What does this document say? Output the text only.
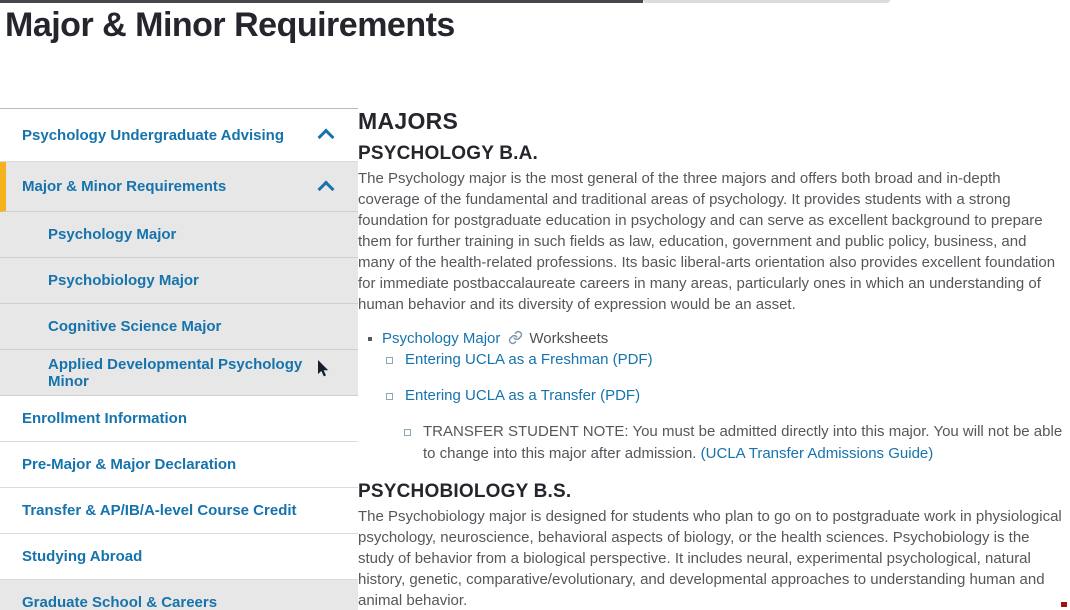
Major & Minor Requirements
Psychology Undergraduate Advising
Major & Minor Requirements
Psychology Major
Psychobiology Major
Cognitive Science Major
Applied Developmental Psychology Minor
Enrollment Information
Pre-Major & Major Declaration
Transfer & AP/IB/A-level Course Credit
Studying Abroad
Graduate School & Careers
MAJORS
PSYCHOLOGY B.A.

The Psychology major is the most general of the three majors and offers both broad and in-depth coverage of the fundamental and traditional areas of psychology. It provides students with a strong foundation for postgraduate education in psychology and can serve as excellent background to prepare them for further training in such fields as law, education, government and public policy, business, and many of the health-related professions. Its basic liberal-arts orientation also provides excellent foundation for immediate postbaccalaureate careers in many areas, particularly ones in which an understanding of human behavior and its diversity of expression would be an asset.

Psychology Major Worksheets
Entering UCLA as a Freshman (PDF)
Entering UCLA as a Transfer (PDF)
TRANSFER STUDENT NOTE: You must be admitted directly into this major. You will not be able to change into this major after admission. (UCLA Transfer Admissions Guide)
PSYCHOBIOLOGY B.S.

The Psychobiology major is designed for students who plan to go on to postgraduate work in physiological psychology, neuroscience, behavioral aspects of biology, or the health sciences. Psychobiology is the study of behavior from a biological perspective. It includes neural, experimental psychological, natural history, genetic, comparative/evolutionary, and developmental approaches to understanding human and animal behavior.
